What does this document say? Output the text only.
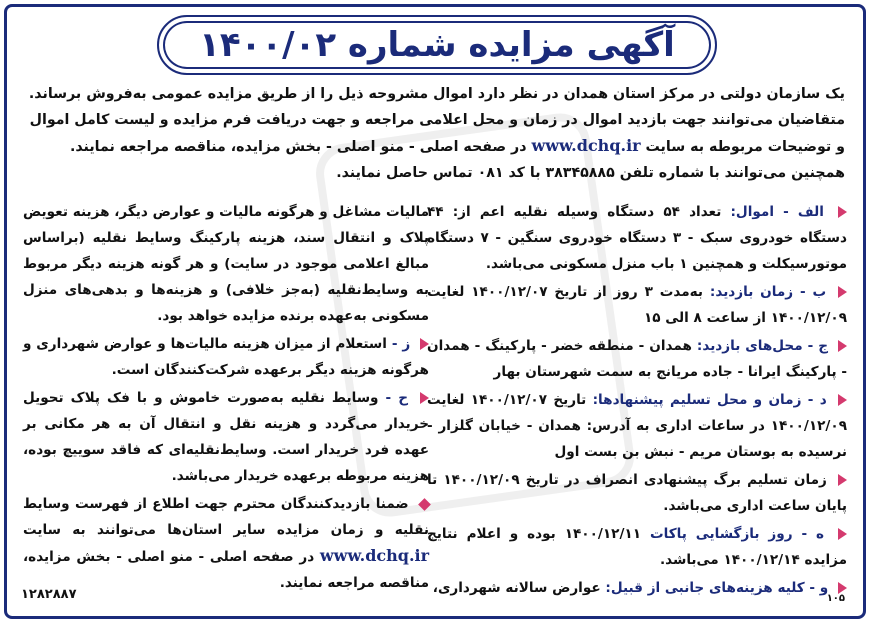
آگهی مزایده شماره ۱۴۰۰/۰۲

یک سازمان دولتی در مرکز استان همدان در نظر دارد اموال مشروحه ذیل را از طریق مزایده عمومی به‌فروش برساند.

متقاضیان می‌توانند جهت بازدید اموال در زمان و محل اعلامی مراجعه و جهت دریافت فرم مزایده و لیست کامل اموال

و توضیحات مربوطه به سایت www.dchq.ir در صفحه اصلی - منو اصلی - بخش مزایده، مناقصه مراجعه نمایند.

همچنین می‌توانند با شماره تلفن ۳۸۳۴۵۸۸۵ با کد ۰۸۱ تماس حاصل نمایند.

الف - اموال: تعداد ۵۴ دستگاه وسیله نقلیه اعم از: ۴۴ دستگاه خودروی سبک - ۳ دستگاه خودروی سنگین - ۷ دستگاه موتورسیکلت و همچنین ۱ باب منزل مسکونی می‌باشد.

ب - زمان بازدید: به‌مدت ۳ روز از تاریخ ۱۴۰۰/۱۲/۰۷ لغایت ۱۴۰۰/۱۲/۰۹ از ساعت ۸ الی ۱۵

ج - محل‌های بازدید: همدان - منطقه خضر - پارکینگ - همدان - پارکینگ ایرانا - جاده مریانج به سمت شهرستان بهار

د - زمان و محل تسلیم پیشنهادها: تاریخ ۱۴۰۰/۱۲/۰۷ لغایت ۱۴۰۰/۱۲/۰۹ در ساعات اداری به آدرس: همدان - خیابان گلزار - نرسیده به بوستان مریم - نبش بن بست اول

زمان تسلیم برگ پیشنهادی انصراف در تاریخ ۱۴۰۰/۱۲/۰۹ تا پایان ساعت اداری می‌باشد.

ه - روز بازگشایی پاکات ۱۴۰۰/۱۲/۱۱ بوده و اعلام نتایج مزایده ۱۴۰۰/۱۲/۱۴ می‌باشد.

و - کلیه هزینه‌های جانبی از قبیل: عوارض سالانه شهرداری،

مالیات مشاغل و هرگونه مالیات و عوارض دیگر، هزینه تعویض پلاک و انتقال سند، هزینه پارکینگ وسایط نقلیه (براساس مبالغ اعلامی موجود در سایت) و هر گونه هزینه دیگر مربوط به وسایط‌نقلیه (به‌جز خلافی) و هزینه‌ها و بدهی‌های منزل مسکونی به‌عهده برنده مزایده خواهد بود.

ز - استعلام از میزان هزینه مالیات‌ها و عوارض شهرداری و هرگونه هزینه دیگر برعهده شرکت‌کنندگان است.

ح - وسایط نقلیه به‌صورت خاموش و با فک پلاک تحویل خریدار می‌گردد و هزینه نقل و انتقال آن به هر مکانی بر عهده فرد خریدار است. وسایط‌نقلیه‌ای که فاقد سوییچ بوده، هزینه مربوطه برعهده خریدار می‌باشد.

ضمنا بازدیدکنندگان محترم جهت اطلاع از فهرست وسایط نقلیه و زمان مزایده سایر استان‌ها می‌توانند به سایت www.dchq.ir در صفحه اصلی - منو اصلی - بخش مزایده، مناقصه مراجعه نمایند.

۱۲۸۲۸۸۷	۱۰۵
